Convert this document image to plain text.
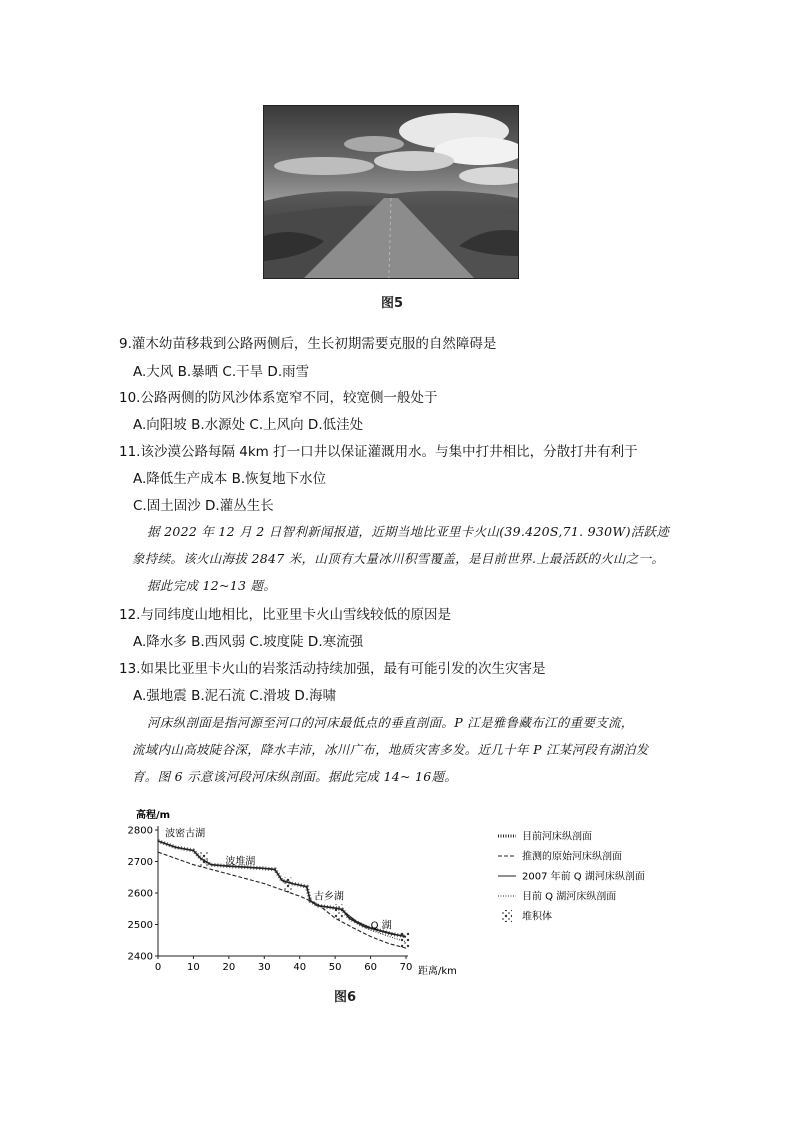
图5
9.灌木幼苗移栽到公路两侧后，生长初期需要克服的自然障碍是
A.大风 B.暴晒 C.干旱 D.雨雪
10.公路两侧的防风沙体系宽窄不同，较宽侧一般处于
A.向阳坡 B.水源处 C.上风向 D.低洼处
11.该沙漠公路每隔 4km 打一口井以保证灌溉用水。与集中打井相比，分散打井有利于
A.降低生产成本 B.恢复地下水位
C.固土固沙 D.灌丛生长
据 2022 年 12 月 2 日智利新闻报道，近期当地比亚里卡火山(39.420S,71. 930W)活跃迹
象持续。该火山海拔 2847 米，山顶有大量冰川积雪覆盖，是目前世界.上最活跃的火山之一。
据此完成 12~13 题。
12.与同纬度山地相比，比亚里卡火山雪线较低的原因是
A.降水多 B.西风弱 C.坡度陡 D.寒流强
13.如果比亚里卡火山的岩浆活动持续加强，最有可能引发的次生灾害是
A.强地震 B.泥石流 C.滑坡 D.海啸
河床纵剖面是指河源至河口的河床最低点的垂直剖面。P 江是雅鲁藏布江的重要支流，
流域内山高坡陡谷深，降水丰沛，冰川广布，地质灾害多发。近几十年 P 江某河段有湖泊发
育。图 6 示意该河段河床纵剖面。据此完成 14~ 16题。
高程/m
0	10 20 30 40 50 60 70
2400
2500
2600
2700
2800 波密古湖
波堆湖
古乡湖
Q 湖
距离/km
目前河床纵剖面
推测的原始河床纵剖面
2007 年前 Q 湖河床纵剖面
目前 Q 湖河床纵剖面
堆积体
图6
